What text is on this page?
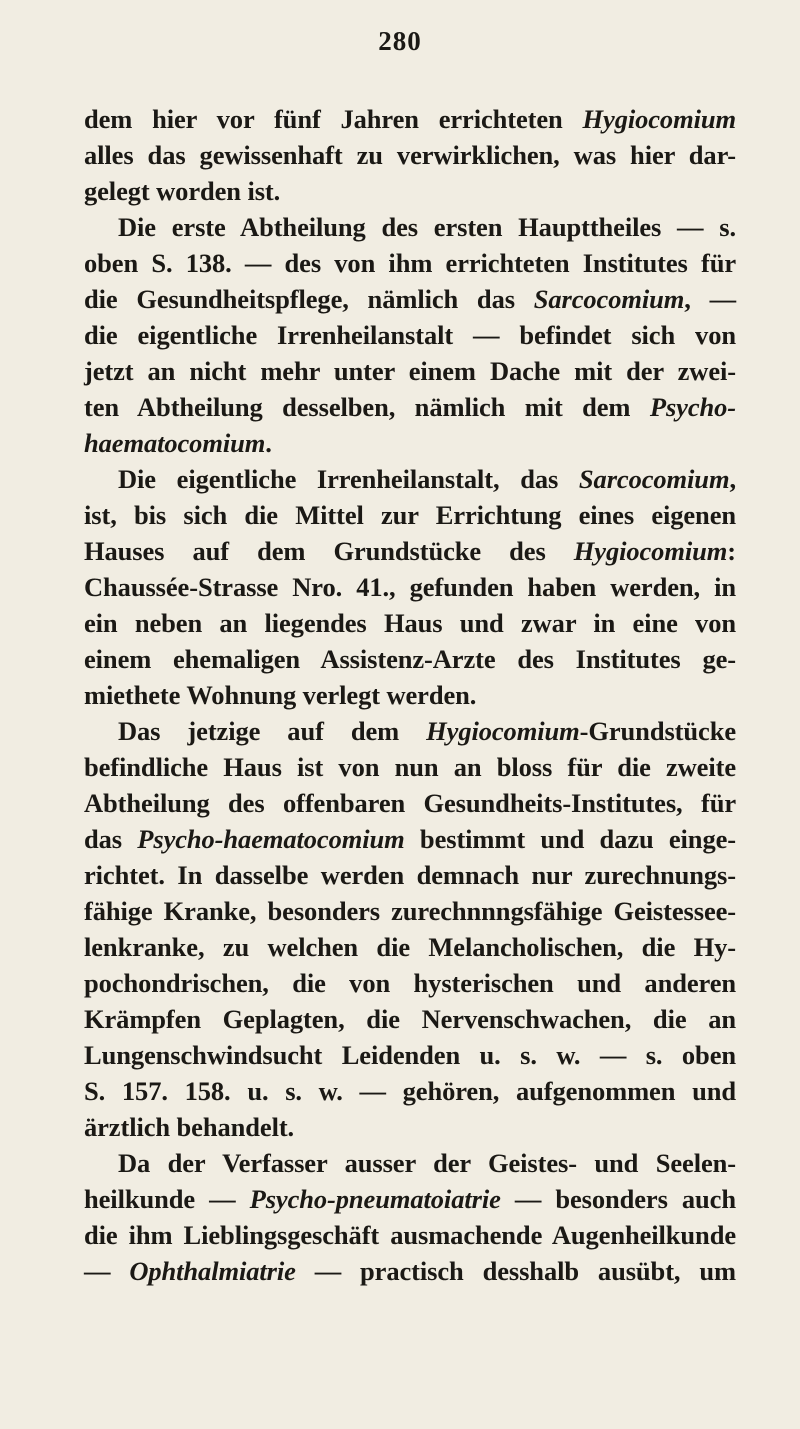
280
dem hier vor fünf Jahren errichteten Hygiocomium
alles das gewissenhaft zu verwirklichen, was hier dar-
gelegt worden ist.
Die erste Abtheilung des ersten Haupttheiles — s.
oben S. 138. — des von ihm errichteten Institutes für
die Gesundheitspflege, nämlich das Sarcocomium, —
die eigentliche Irrenheilanstalt — befindet sich von
jetzt an nicht mehr unter einem Dache mit der zwei-
ten Abtheilung desselben, nämlich mit dem Psycho-
haematocomium.
Die eigentliche Irrenheilanstalt, das Sarcocomium,
ist, bis sich die Mittel zur Errichtung eines eigenen
Hauses auf dem Grundstücke des Hygiocomium:
Chaussée-Strasse Nro. 41., gefunden haben werden, in
ein neben an liegendes Haus und zwar in eine von
einem ehemaligen Assistenz-Arzte des Institutes ge-
miethete Wohnung verlegt werden.
Das jetzige auf dem Hygiocomium-Grundstücke
befindliche Haus ist von nun an bloss für die zweite
Abtheilung des offenbaren Gesundheits-Institutes, für
das Psycho-haematocomium bestimmt und dazu einge-
richtet. In dasselbe werden demnach nur zurechnungs-
fähige Kranke, besonders zurechnnngsfähige Geistessee-
lenkranke, zu welchen die Melancholischen, die Hy-
pochondrischen, die von hysterischen und anderen
Krämpfen Geplagten, die Nervenschwachen, die an
Lungenschwindsucht Leidenden u. s. w. — s. oben
S. 157. 158. u. s. w. — gehören, aufgenommen und
ärztlich behandelt.
Da der Verfasser ausser der Geistes- und Seelen-
heilkunde — Psycho-pneumatoiatrie — besonders auch
die ihm Lieblingsgeschäft ausmachende Augenheilkunde
— Ophthalmiatrie — practisch desshalb ausübt, um
